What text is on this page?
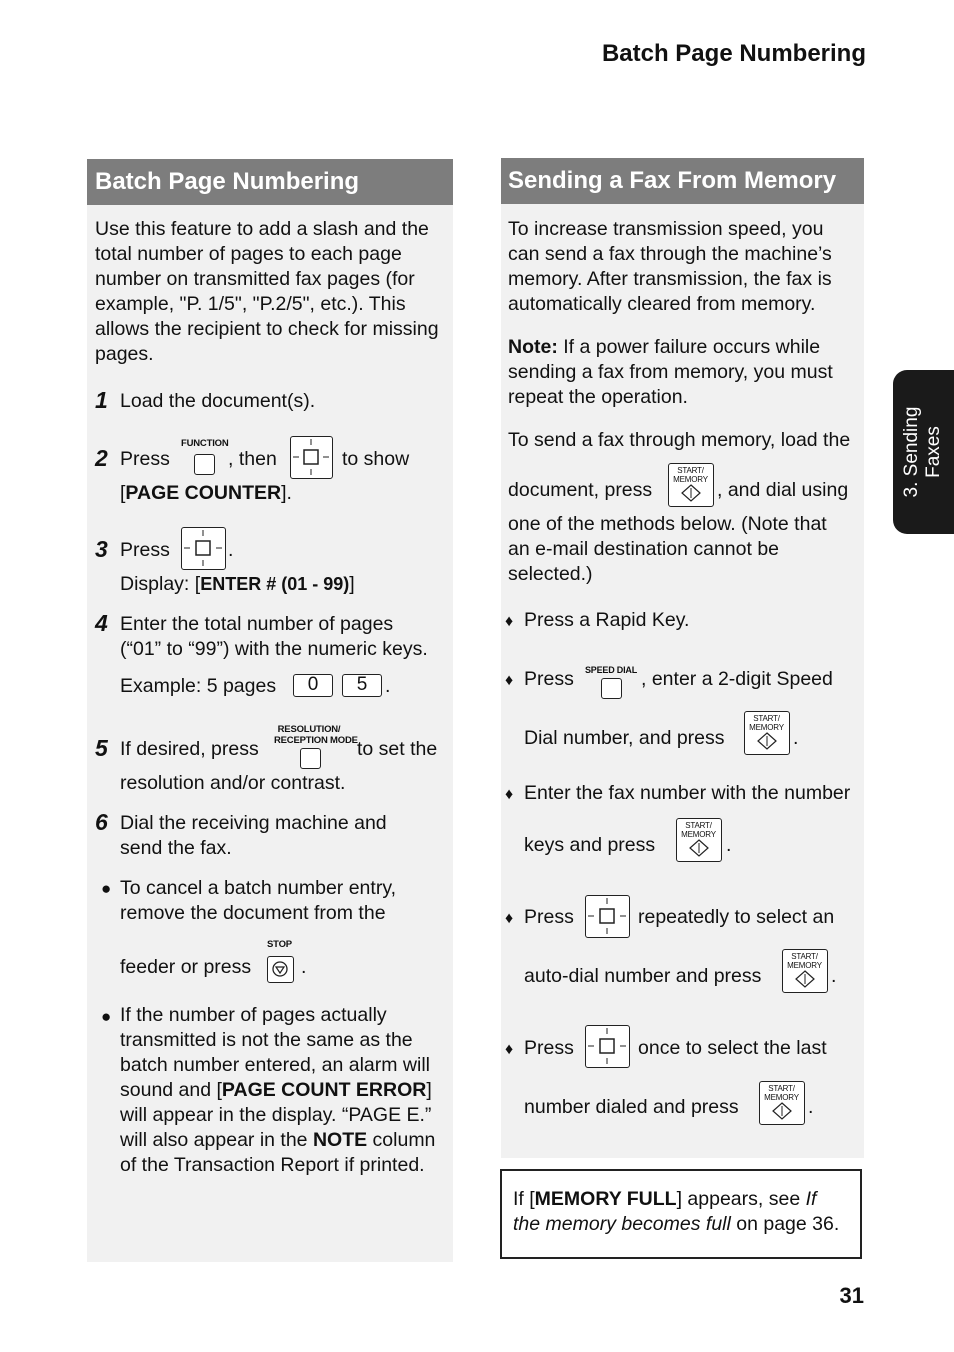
Batch Page Numbering
31
3. Sending Faxes
Batch Page Numbering
Use this feature to add a slash and the
total number of pages to each page
number on transmitted fax pages (for
example, "P. 1/5", "P.2/5", etc.). This
allows the recipient to check for missing
pages.
1 Load the document(s).
2 Press
FUNCTION
, then	to show
[PAGE COUNTER].
3 Press	.
Display: [ENTER # (01 - 99)]
4 Enter the total number of pages
(“01” to “99”) with the numeric keys.
Example: 5 pages	0	5 .
5 If desired, press
RESOLUTION/
RECEPTION MODE to set the
resolution and/or contrast.
6 Dial the receiving machine and
send the fax.
● To cancel a batch number entry,
remove the document from the
feeder or press
STOP
.
● If the number of pages actually
transmitted is not the same as the
batch number entered, an alarm will
sound and [PAGE COUNT ERROR]
will appear in the display. “PAGE E.”
will also appear in the NOTE column
of the Transaction Report if printed.
Sending a Fax From Memory
To increase transmission speed, you
can send a fax through the machine’s
memory. After transmission, the fax is
automatically cleared from memory.
Note: If a power failure occurs while
sending a fax from memory, you must
repeat the operation.
To send a fax through memory, load the
document, press
START/
MEMORY , and dial using
one of the methods below. (Note that
an e-mail destination cannot be
selected.)
♦ Press a Rapid Key.
♦ Press SPEED DIAL , enter a 2-digit Speed
Dial number, and press
START/
MEMORY .
♦ Enter the fax number with the number
keys and press
START/
MEMORY .
♦ Press	repeatedly to select an
auto-dial number and press
START/
MEMORY .
♦ Press	once to select the last
number dialed and press
START/
MEMORY .
If [MEMORY FULL] appears, see If
the memory becomes full on page 36.
